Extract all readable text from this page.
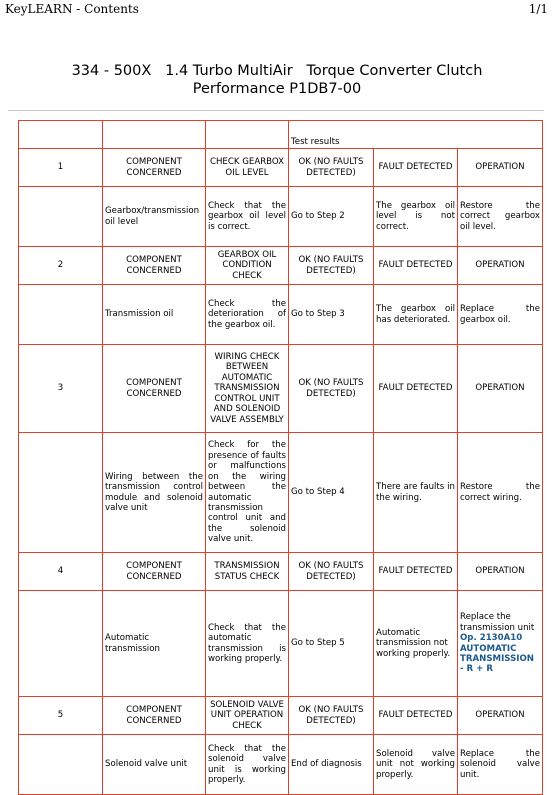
KeyLEARN - Contents	1/1
334 - 500X   1.4 Turbo MultiAir   Torque Converter Clutch
Performance P1DB7-00
			Test results		
1	COMPONENT CONCERNED	CHECK GEARBOX OIL LEVEL	OK (NO FAULTS DETECTED)	FAULT DETECTED	OPERATION
	Gearbox/transmission oil level	Check that the gearbox oil level is correct.	Go to Step 2	The gearbox oil level is not correct.	Restore the correct gearbox oil level.
2	COMPONENT CONCERNED	GEARBOX OIL CONDITION CHECK	OK (NO FAULTS DETECTED)	FAULT DETECTED	OPERATION
	Transmission oil	Check the deterioration of the gearbox oil.	Go to Step 3	The gearbox oil has deteriorated.	Replace the gearbox oil.
3	COMPONENT CONCERNED	WIRING CHECK BETWEEN AUTOMATIC TRANSMISSION CONTROL UNIT AND SOLENOID VALVE ASSEMBLY	OK (NO FAULTS DETECTED)	FAULT DETECTED	OPERATION
	Wiring between the transmission control module and solenoid valve unit	Check for the presence of faults or malfunctions on the wiring between the automatic transmission control unit and the solenoid valve unit.	Go to Step 4	There are faults in the wiring.	Restore the correct wiring.
4	COMPONENT CONCERNED	TRANSMISSION STATUS CHECK	OK (NO FAULTS DETECTED)	FAULT DETECTED	OPERATION
	Automatic transmission	Check that the automatic transmission is working properly.	Go to Step 5	Automatic transmission not working properly.	Replace the transmission unit
Op. 2130A10 AUTOMATIC TRANSMISSION - R + R

5	COMPONENT CONCERNED	SOLENOID VALVE UNIT OPERATION CHECK	OK (NO FAULTS DETECTED)	FAULT DETECTED	OPERATION
	Solenoid valve unit	Check that the solenoid valve unit is working properly.	End of diagnosis	Solenoid valve unit not working properly.	Replace the solenoid valve unit.
